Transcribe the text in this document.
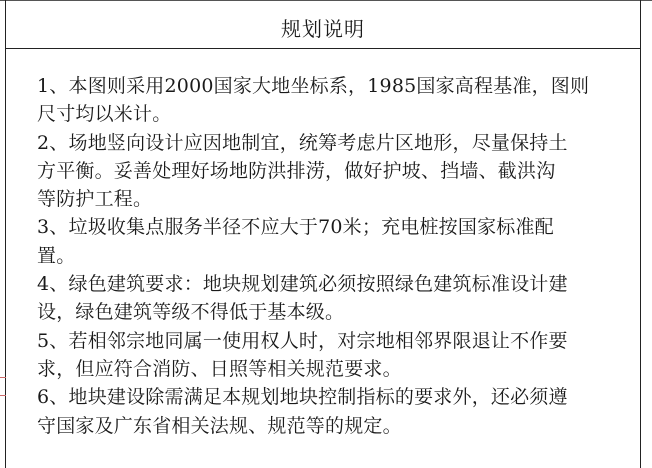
规划说明
1、本图则采用2000国家大地坐标系，1985国家高程基准，图则
尺寸均以米计。
2、场地竖向设计应因地制宜，统筹考虑片区地形，尽量保持土
方平衡。妥善处理好场地防洪排涝，做好护坡、挡墙、截洪沟
等防护工程。
3、垃圾收集点服务半径不应大于70米；充电桩按国家标准配
置。
4、绿色建筑要求：地块规划建筑必须按照绿色建筑标准设计建
设，绿色建筑等级不得低于基本级。
5、若相邻宗地同属一使用权人时，对宗地相邻界限退让不作要
求，但应符合消防、日照等相关规范要求。
6、地块建设除需满足本规划地块控制指标的要求外，还必须遵
守国家及广东省相关法规、规范等的规定。
